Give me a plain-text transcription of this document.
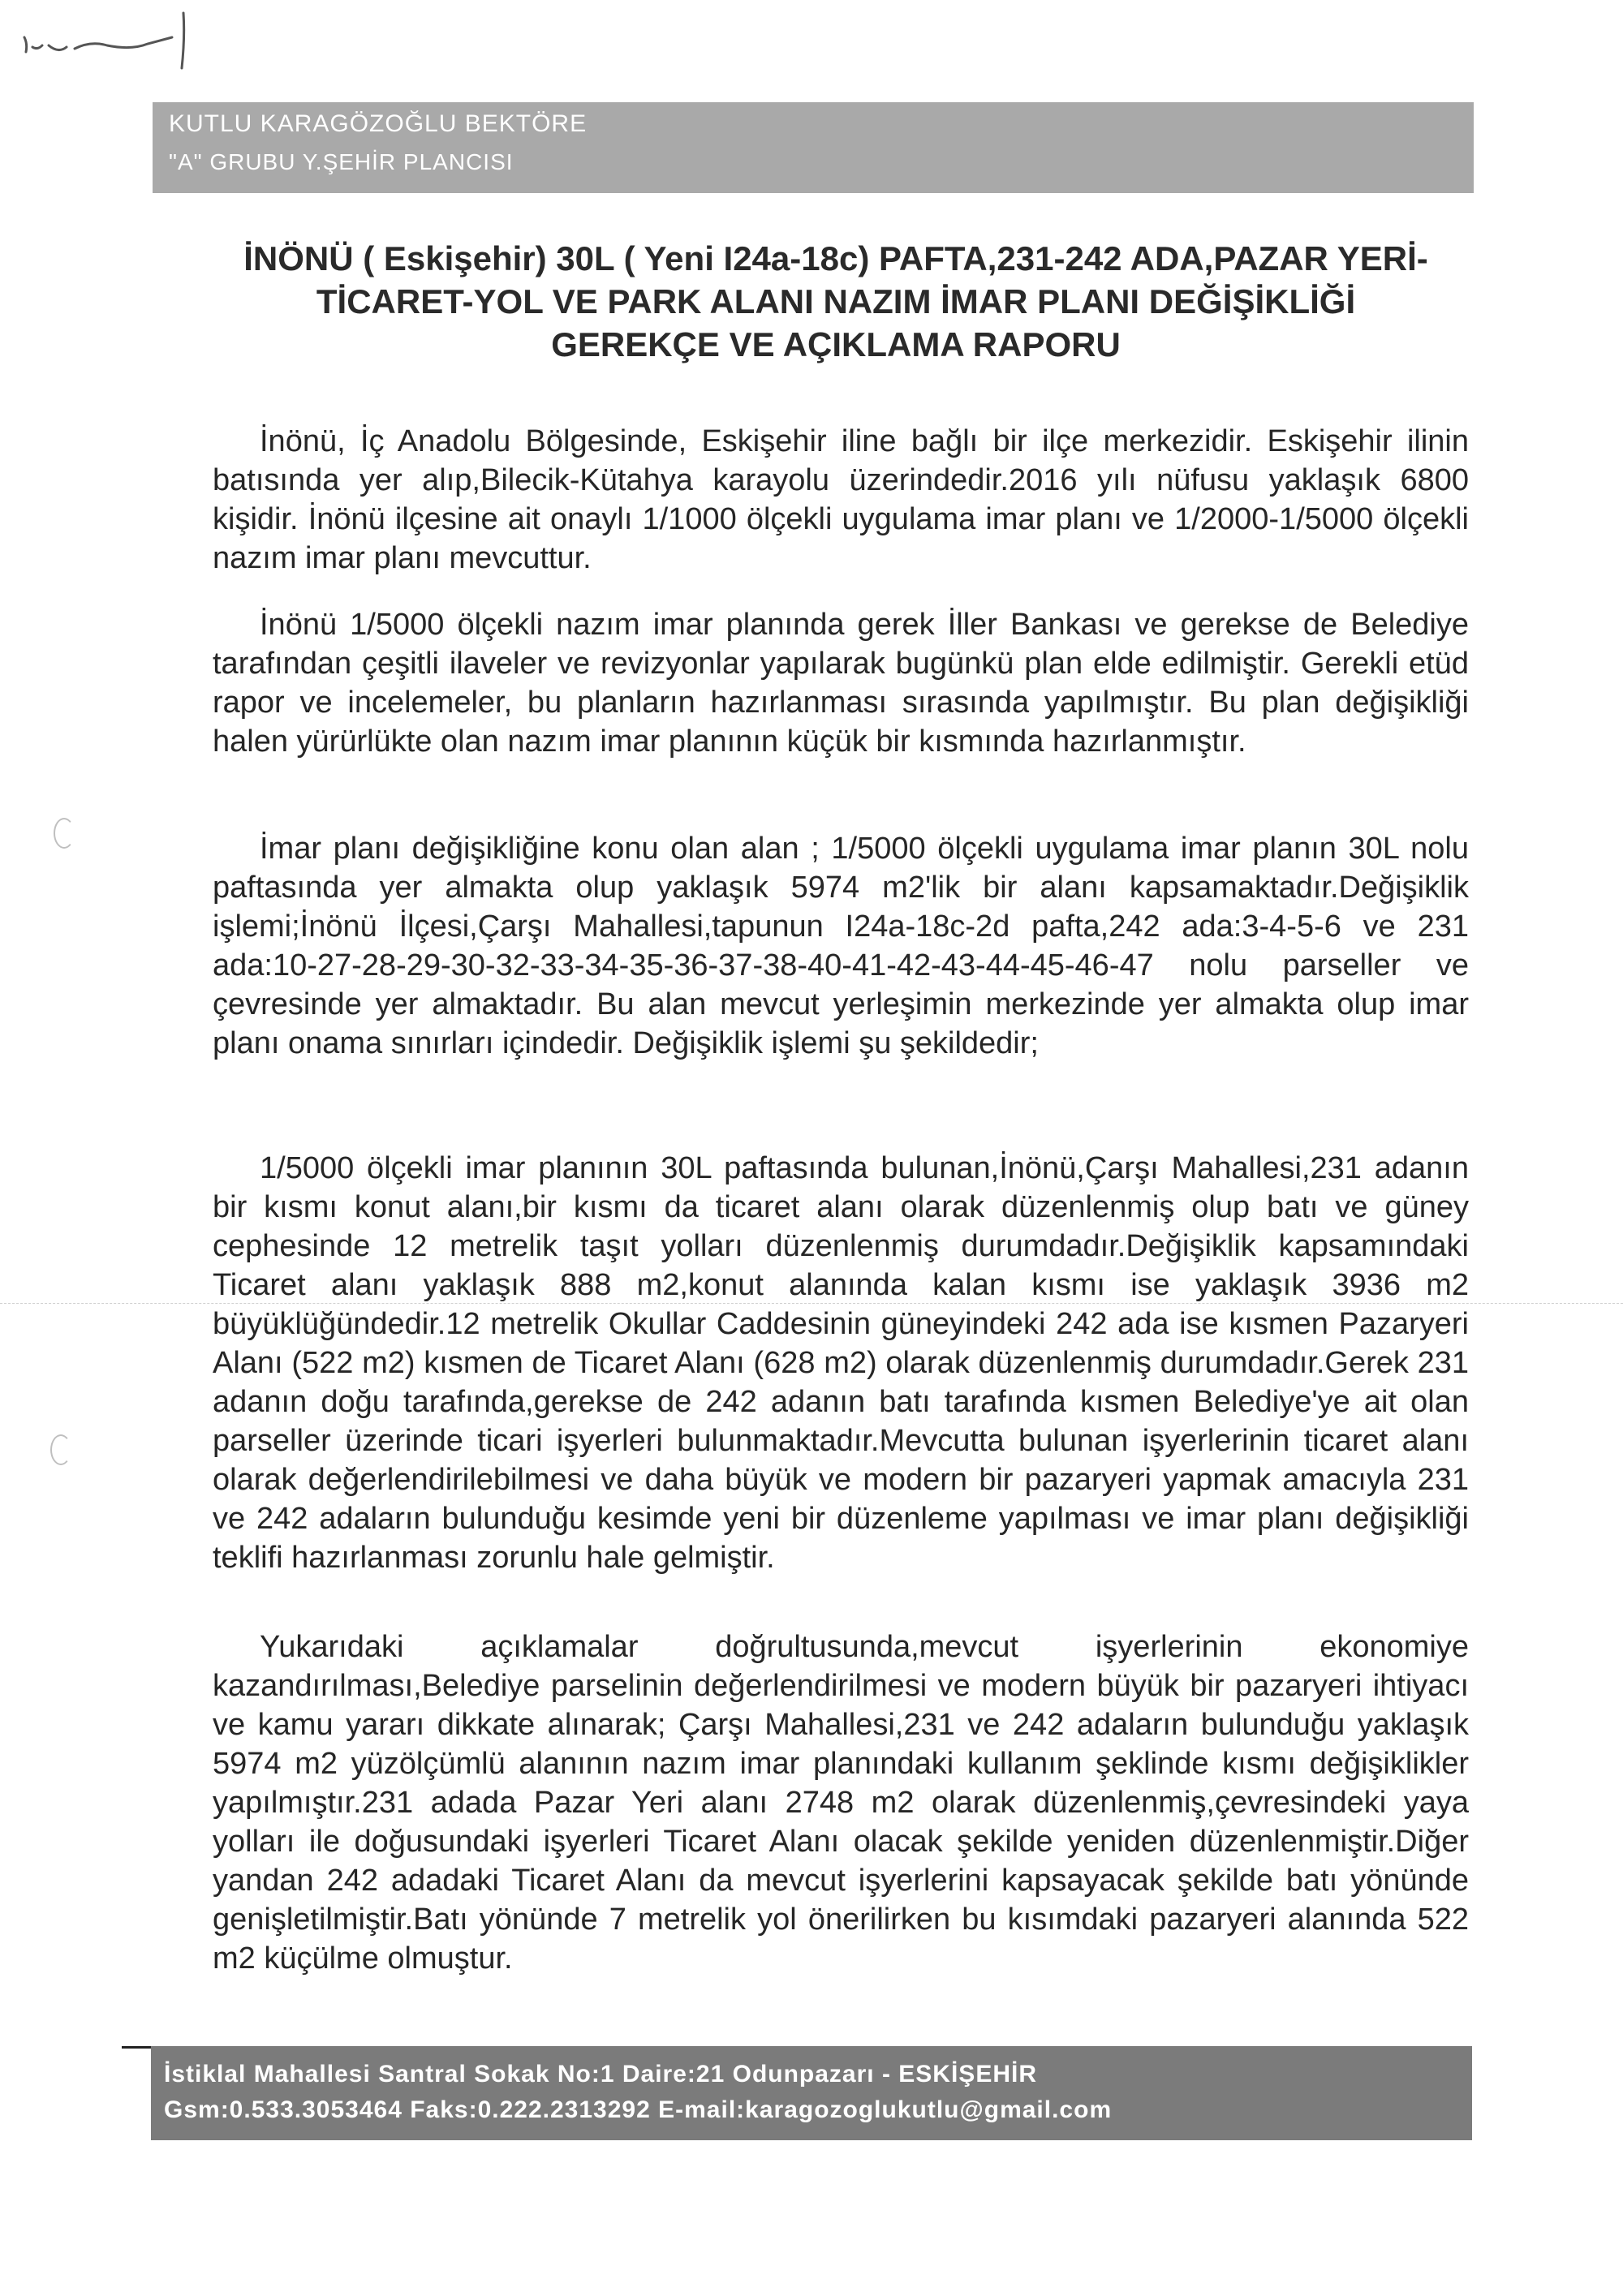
KUTLU KARAGÖZOĞLU BEKTÖRE
"A" GRUBU Y.ŞEHİR PLANCISI
İNÖNÜ ( Eskişehir) 30L ( Yeni I24a-18c) PAFTA,231-242 ADA,PAZAR YERİ-
TİCARET-YOL VE PARK ALANI NAZIM İMAR PLANI DEĞİŞİKLİĞİ
GEREKÇE VE AÇIKLAMA RAPORU

İnönü, İç Anadolu Bölgesinde, Eskişehir iline bağlı bir ilçe merkezidir. Eskişehir ilinin batısında yer alıp,Bilecik-Kütahya karayolu üzerindedir.2016 yılı nüfusu yaklaşık 6800 kişidir. İnönü ilçesine ait onaylı 1/1000 ölçekli uygulama imar planı ve 1/2000-1/5000 ölçekli nazım imar planı mevcuttur.

İnönü 1/5000 ölçekli nazım imar planında gerek İller Bankası ve gerekse de Belediye tarafından çeşitli ilaveler ve revizyonlar yapılarak bugünkü plan elde edilmiştir. Gerekli etüd rapor ve incelemeler, bu planların hazırlanması sırasında yapılmıştır. Bu plan değişikliği halen yürürlükte olan nazım imar planının küçük bir kısmında hazırlanmıştır.

İmar planı değişikliğine konu olan alan ; 1/5000 ölçekli uygulama imar planın 30L nolu paftasında yer almakta olup yaklaşık 5974 m2'lik bir alanı kapsamaktadır.Değişiklik işlemi;İnönü İlçesi,Çarşı Mahallesi,tapunun I24a-18c-2d pafta,242 ada:3-4-5-6 ve 231 ada:10-27-28-29-30-32-33-34-35-36-37-38-40-41-42-43-44-45-46-47 nolu parseller ve çevresinde yer almaktadır. Bu alan mevcut yerleşimin merkezinde yer almakta olup imar planı onama sınırları içindedir. Değişiklik işlemi şu şekildedir;

1/5000 ölçekli imar planının 30L paftasında bulunan,İnönü,Çarşı Mahallesi,231 adanın bir kısmı konut alanı,bir kısmı da ticaret alanı olarak düzenlenmiş olup batı ve güney cephesinde 12 metrelik taşıt yolları düzenlenmiş durumdadır.Değişiklik kapsamındaki Ticaret alanı yaklaşık 888 m2,konut alanında kalan kısmı ise yaklaşık 3936 m2 büyüklüğündedir.12 metrelik Okullar Caddesinin güneyindeki 242 ada ise kısmen Pazaryeri Alanı (522 m2) kısmen de Ticaret Alanı (628 m2) olarak düzenlenmiş durumdadır.Gerek 231 adanın doğu tarafında,gerekse de 242 adanın batı tarafında kısmen Belediye'ye ait olan parseller üzerinde ticari işyerleri bulunmaktadır.Mevcutta bulunan işyerlerinin ticaret alanı olarak değerlendirilebilmesi ve daha büyük ve modern bir pazaryeri yapmak amacıyla 231 ve 242 adaların bulunduğu kesimde yeni bir düzenleme yapılması ve imar planı değişikliği teklifi hazırlanması zorunlu hale gelmiştir.

Yukarıdaki açıklamalar doğrultusunda,mevcut işyerlerinin ekonomiye kazandırılması,Belediye parselinin değerlendirilmesi ve modern büyük bir pazaryeri ihtiyacı ve kamu yararı dikkate alınarak; Çarşı Mahallesi,231 ve 242 adaların bulunduğu yaklaşık 5974 m2 yüzölçümlü alanının nazım imar planındaki kullanım şeklinde kısmı değişiklikler yapılmıştır.231 adada Pazar Yeri alanı 2748 m2 olarak düzenlenmiş,çevresindeki yaya yolları ile doğusundaki işyerleri Ticaret Alanı olacak şekilde yeniden düzenlenmiştir.Diğer yandan 242 adadaki Ticaret Alanı da mevcut işyerlerini kapsayacak şekilde batı yönünde genişletilmiştir.Batı yönünde 7 metrelik yol önerilirken bu kısımdaki pazaryeri alanında 522 m2 küçülme olmuştur.

İstiklal Mahallesi Santral Sokak No:1 Daire:21 Odunpazarı - ESKİŞEHİR
Gsm:0.533.3053464 Faks:0.222.2313292 E-mail:karagozoglukutlu@gmail.com
